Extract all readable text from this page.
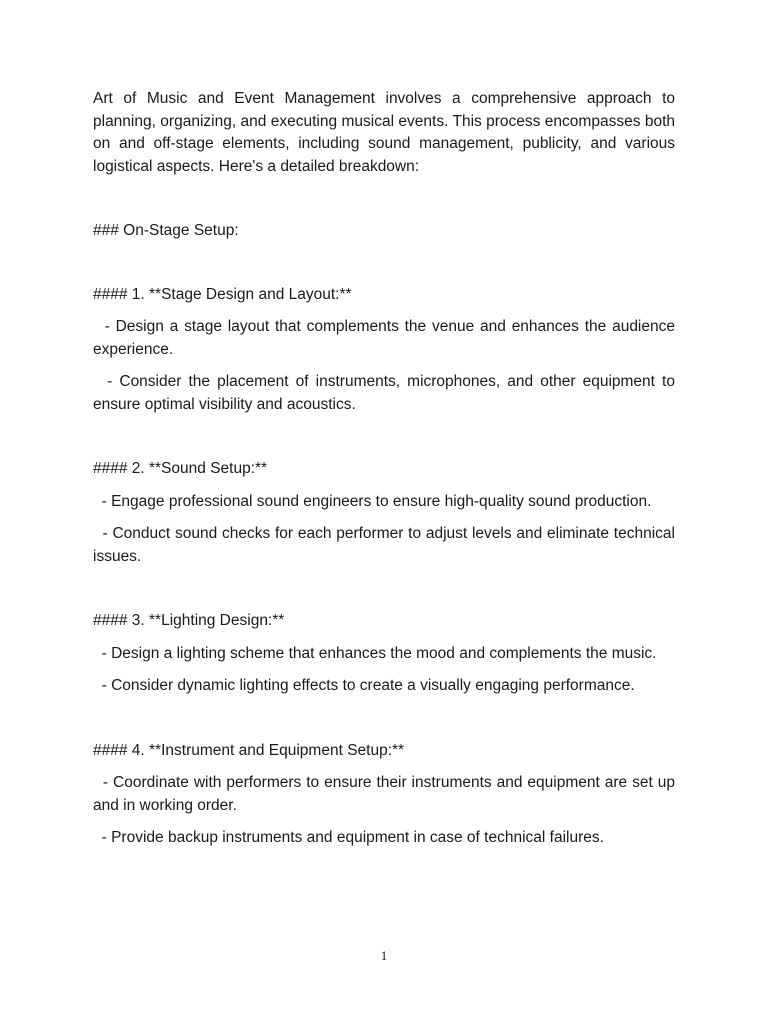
Art of Music and Event Management involves a comprehensive approach to planning, organizing, and executing musical events. This process encompasses both on and off-stage elements, including sound management, publicity, and various logistical aspects. Here's a detailed breakdown:

### On-Stage Setup:

#### 1. **Stage Design and Layout:**

- Design a stage layout that complements the venue and enhances the audience experience.

- Consider the placement of instruments, microphones, and other equipment to ensure optimal visibility and acoustics.

#### 2. **Sound Setup:**

- Engage professional sound engineers to ensure high-quality sound production.

- Conduct sound checks for each performer to adjust levels and eliminate technical issues.

#### 3. **Lighting Design:**

- Design a lighting scheme that enhances the mood and complements the music.

- Consider dynamic lighting effects to create a visually engaging performance.

#### 4. **Instrument and Equipment Setup:**

- Coordinate with performers to ensure their instruments and equipment are set up and in working order.

- Provide backup instruments and equipment in case of technical failures.

1
